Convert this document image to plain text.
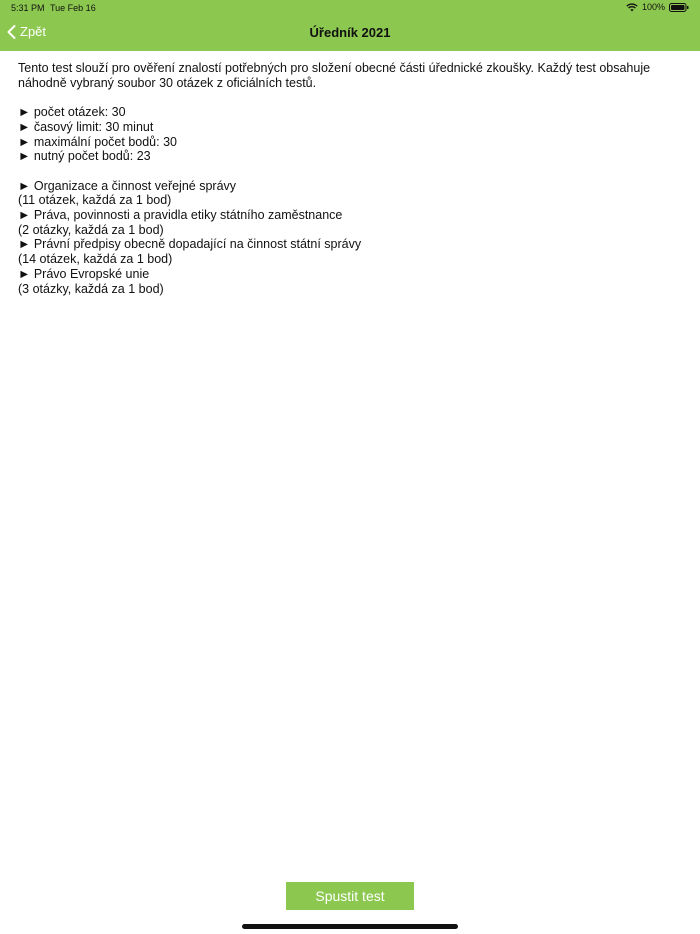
5:31 PM Tue Feb 16	100%
Zpět	Úředník 2021

Tento test slouží pro ověření znalostí potřebných pro složení obecné části úřednické zkoušky. Každý test obsahuje

náhodně vybraný soubor 30 otázek z oficiálních testů.

► počet otázek: 30

► časový limit: 30 minut

► maximální počet bodů: 30

► nutný počet bodů: 23

► Organizace a činnost veřejné správy

(11 otázek, každá za 1 bod)

► Práva, povinnosti a pravidla etiky státního zaměstnance

(2 otázky, každá za 1 bod)

► Právní předpisy obecně dopadající na činnost státní správy

(14 otázek, každá za 1 bod)

► Právo Evropské unie

(3 otázky, každá za 1 bod)

Spustit test
